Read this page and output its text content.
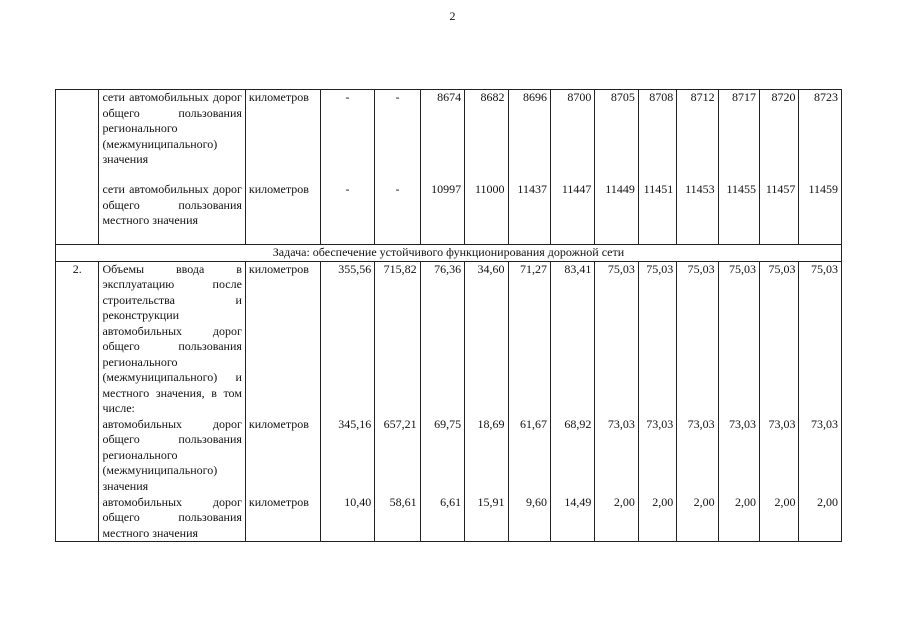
2
	сети автомобильных дорог общего пользования регионального (межмуниципального) значения	километров	-	-	8674	8682	8696	8700	8705	8708	8712	8717	8720	8723
	сети автомобильных дорог общего пользования местного значения	километров	-	-	10997	11000	11437	11447	11449	11451	11453	11455	11457	11459
Задача: обеспечение устойчивого функционирования дорожной сети														
2.	Объемы ввода в эксплуатацию после строительства и реконструкции автомобильных дорог общего пользования регионального (межмуниципального) и местного значения, в том числе:	километров	355,56	715,82	76,36	34,60	71,27	83,41	75,03	75,03	75,03	75,03	75,03	75,03
	автомобильных дорог общего пользования регионального (межмуниципального) значения	километров	345,16	657,21	69,75	18,69	61,67	68,92	73,03	73,03	73,03	73,03	73,03	73,03
	автомобильных дорог общего пользования местного значения	километров	10,40	58,61	6,61	15,91	9,60	14,49	2,00	2,00	2,00	2,00	2,00	2,00
